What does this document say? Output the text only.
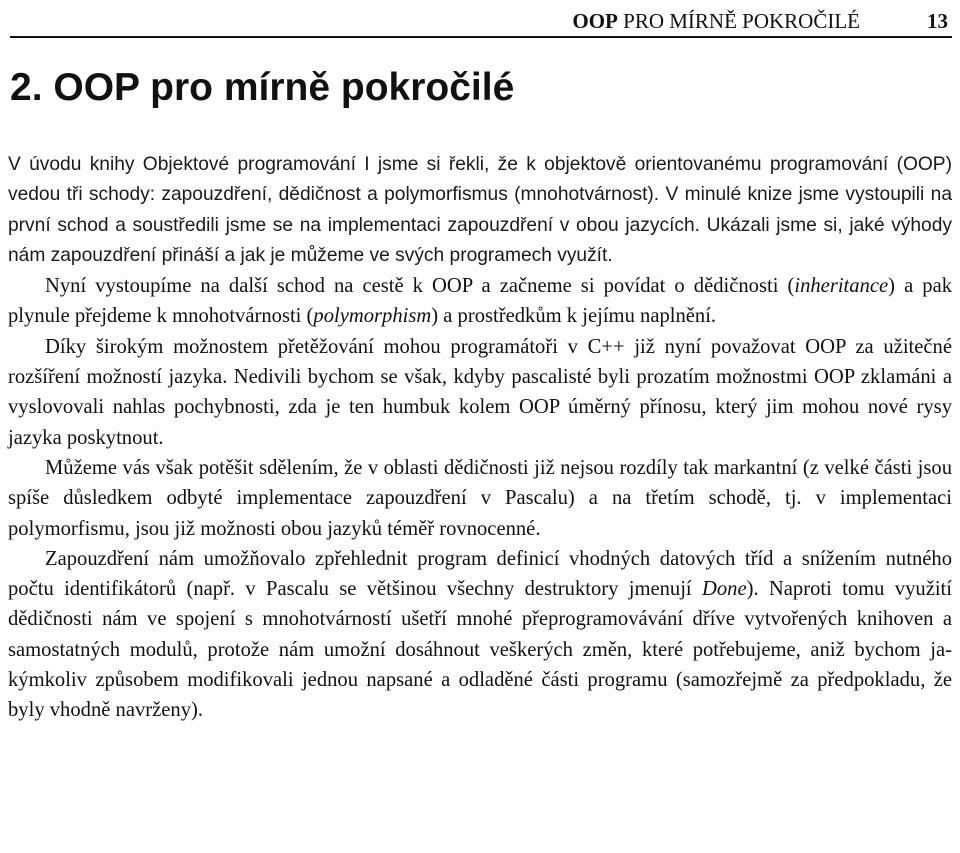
OOP PRO MÍRNĚ POKROČILÉ	13
2. OOP pro mírně pokročilé

V úvodu knihy Objektové programování I jsme si řekli, že k objektově orientovanému programování (OOP) vedou tři schody: zapouzdření, dědičnost a polymorfismus (mnohotvárnost). V minulé knize jsme vystoupili na první schod a soustředili jsme se na implementaci zapouzdření v obou jazycích. Ukázali jsme si, jaké výhody nám zapouzdření přináší a jak je můžeme ve svých programech využít.

Nyní vystoupíme na další schod na cestě k OOP a začneme si povídat o dědičnosti (inheritance) a pak plynule přejdeme k mnohotvárnosti (polymorphism) a prostředkům k jejímu naplnění.

Díky širokým možnostem přetěžování mohou programátoři v C++ již nyní považovat OOP za užitečné rozšíření možností jazyka. Nedivili bychom se však, kdyby pascalisté byli prozatím možnostmi OOP zklamáni a vyslovovali nahlas pochybnosti, zda je ten humbuk kolem OOP úměrný přínosu, který jim mohou nové rysy jazyka poskytnout.

Můžeme vás však potěšit sdělením, že v oblasti dědičnosti již nejsou rozdíly tak markantní (z velké části jsou spíše důsledkem odbyté implementace zapouzdření v Pascalu) a na třetím schodě, tj. v implementaci polymorfismu, jsou již možnosti obou jazyků téměř rovnocenné.

Zapouzdření nám umožňovalo zpřehlednit program definicí vhodných datových tříd a snížením nutného počtu identifikátorů (např. v Pascalu se většinou všechny destruktory jmenují Done). Naproti tomu využití dědičnosti nám ve spojení s mnohotvárností ušetří mnohé přeprogramovávání dříve vytvořených knihoven a samostatných modulů, protože nám umožní dosáhnout veškerých změn, které potřebujeme, aniž bychom jakýmkoliv způsobem modifikovali jednou napsané a odladěné části programu (samozřejmě za předpokladu, že byly vhodně navrženy).
